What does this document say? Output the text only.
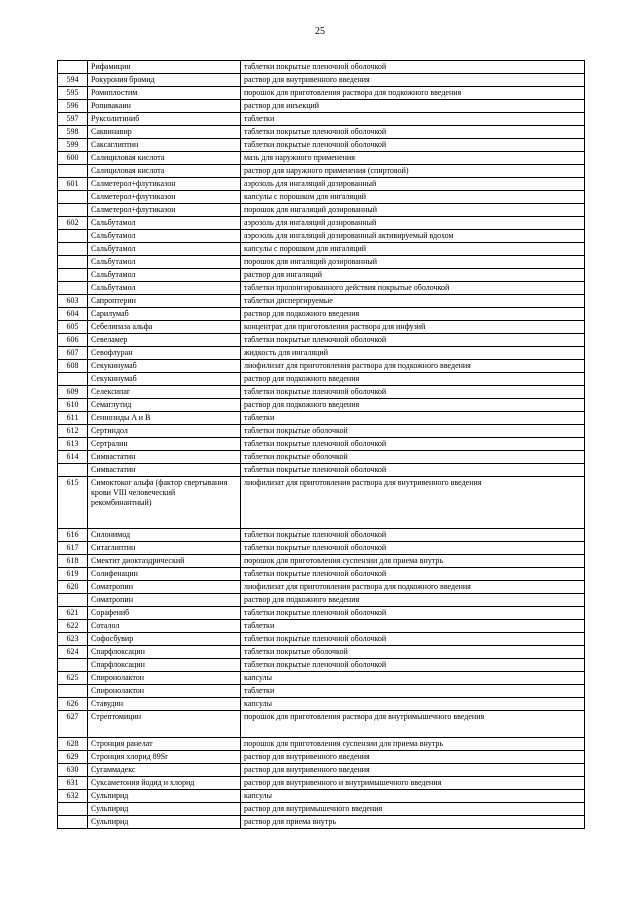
25
	Рифамицин	таблетки покрытые пленочной оболочкой
594	Рокурония бромид	раствор для внутривенного введения
595	Ромиплостим	порошок для приготовления раствора для подкожного введения
596	Ропивакаин	раствор для инъекций
597	Руксолитиниб	таблетки
598	Саквинавир	таблетки покрытые пленочной оболочкой
599	Саксаглиптин	таблетки покрытые пленочной оболочкой
600	Салициловая кислота	мазь для наружного применения
	Салициловая кислота	раствор для наружного применения (спиртовой)
601	Салметерол+флутиказон	аэрозоль для ингаляций дозированный
	Салметерол+флутиказон	капсулы с порошком для ингаляций
	Салметерол+флутиказон	порошок для ингаляций дозированный
602	Сальбутамол	аэрозоль для ингаляций дозированный
	Сальбутамол	аэрозоль для ингаляций дозированный активируемый вдохом
	Сальбутамол	капсулы с порошком для ингаляций
	Сальбутамол	порошок для ингаляций дозированный
	Сальбутамол	раствор для ингаляций
	Сальбутамол	таблетки пролонгированного действия покрытые оболочкой
603	Сапроптерин	таблетки диспергируемые
604	Сарилумаб	раствор для подкожного введения
605	Себелипаза альфа	концентрат для приготовления раствора для инфузий
606	Севеламер	таблетки покрытые пленочной оболочкой
607	Севофлуран	жидкость для ингаляций
608	Секукинумаб	лиофилизат для приготовления раствора для подкожного введения
	Секукинумаб	раствор для подкожного введения
609	Селексипаг	таблетки покрытые пленочной оболочкой
610	Семаглутид	раствор для подкожного введения
611	Сеннозиды A и B	таблетки
612	Сертиндол	таблетки покрытые оболочкой
613	Сертралин	таблетки покрытые пленочной оболочкой
614	Симвастатин	таблетки покрытые оболочкой
	Симвастатин	таблетки покрытые пленочной оболочкой
615	Симоктоког альфа (фактор свертывания крови VIII человеческий рекомбинантный)	лиофилизат для приготовления раствора для внутривенного введения
616	Силонимод	таблетки покрытые пленочной оболочкой
617	Ситаглиптин	таблетки покрытые пленочной оболочкой
618	Смектит диоктаэдрический	порошок для приготовления суспензии для приема внутрь
619	Солифенацин	таблетки покрытые пленочной оболочкой
620	Соматропин	лиофилизат для приготовления раствора для подкожного введения
	Соматропин	раствор для подкожного введения
621	Сорафениб	таблетки покрытые пленочной оболочкой
622	Соталол	таблетки
623	Софосбувир	таблетки покрытые пленочной оболочкой
624	Спарфлоксацин	таблетки покрытые оболочкой
	Спарфлоксацин	таблетки покрытые пленочной оболочкой
625	Спиронолактон	капсулы
	Спиронолактон	таблетки
626	Ставудин	капсулы
627	Стрептомицин	порошок для приготовления раствора для внутримышечного введения
628	Стронция ранелат	порошок для приготовления суспензии для приема внутрь
629	Стронция хлорид 89Sr	раствор для внутривенного введения
630	Сугаммадекс	раствор для внутривенного введения
631	Суксаметония йодид и хлорид	раствор для внутривенного и внутримышечного введения
632	Сульпирид	капсулы
	Сульпирид	раствор для внутримышечного введения
	Сульпирид	раствор для приема внутрь
